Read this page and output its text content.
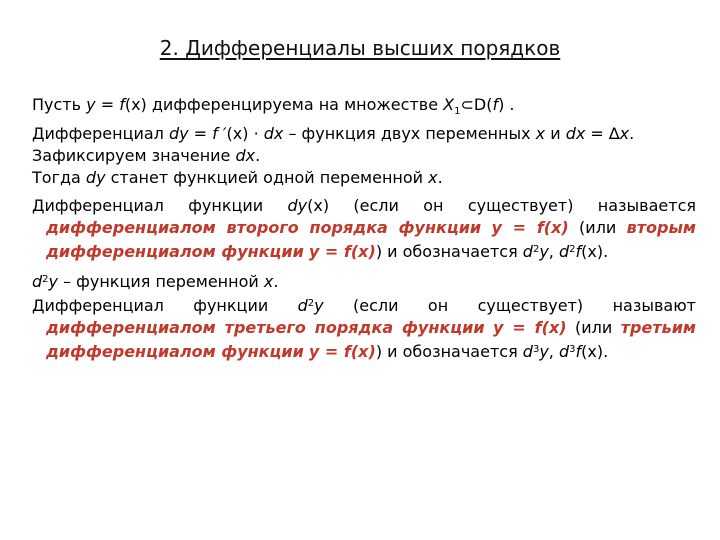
2. Дифференциалы высших порядков

Пусть y = f(x) дифференцируема на множестве $X_1\subset D(f)$ .

Дифференциал dy = f ′(x) · dx – функция двух переменных x и dx = ∆x.

Зафиксируем значение dx.

Тогда dy станет функцией одной переменной x.

Дифференциал функции dy(x) (если он существует) называется дифференциалом второго порядка функции y = f(x) (или вторым дифференциалом функции y = f(x)) и обозначается $d^2y$, $d^2f(x)$.

$d^2y$ – функция переменной x.

Дифференциал функции $d^2y$ (если он существует) называют дифференциалом третьего порядка функции y = f(x) (или третьим дифференциалом функции y = f(x)) и обозначается $d^3y$, $d^3f(x)$.
